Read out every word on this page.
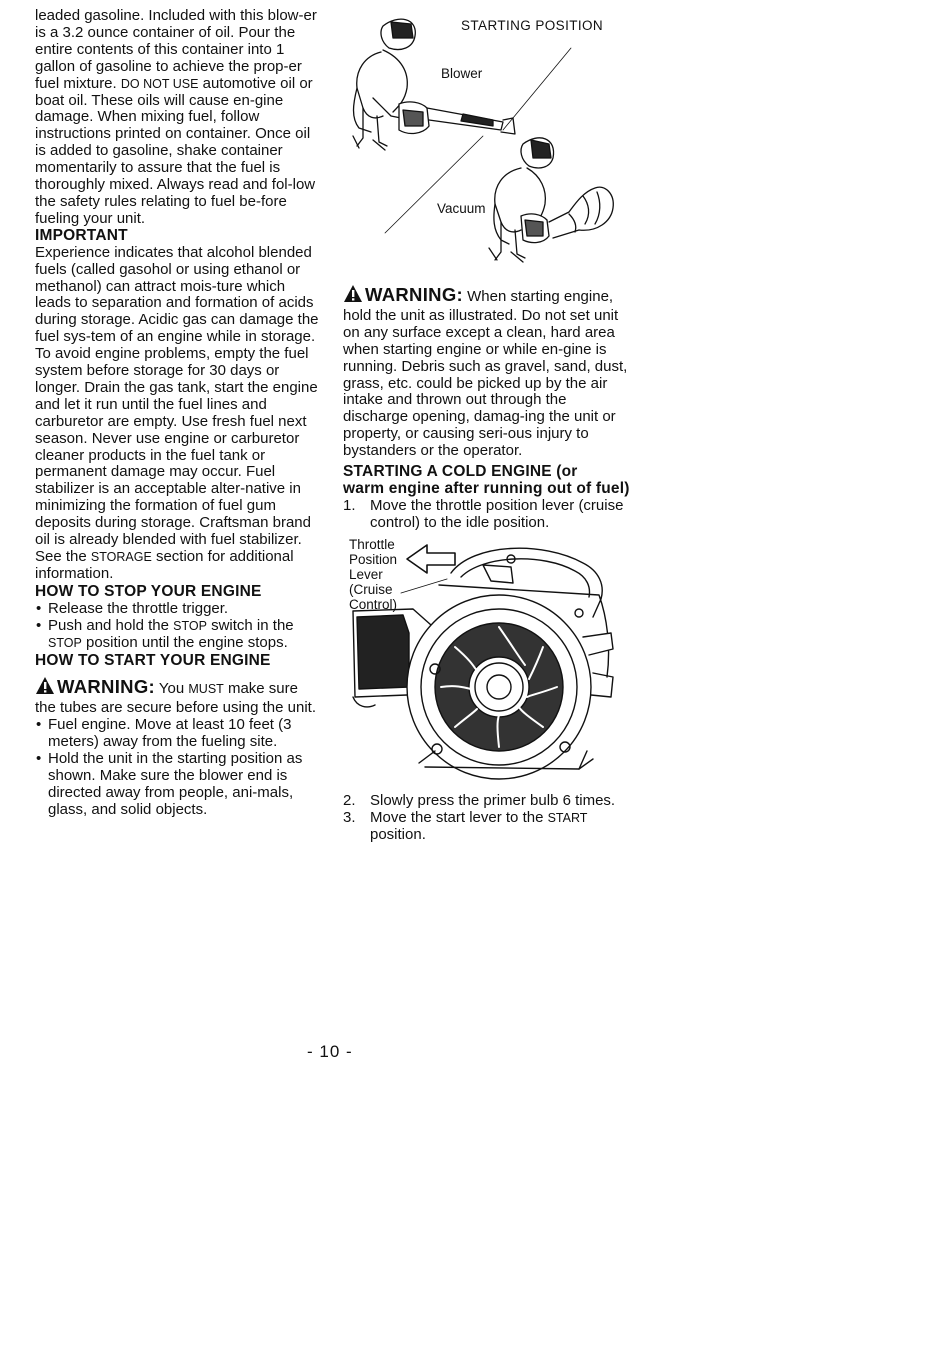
leaded gasoline. Included with this blow-er is a 3.2 ounce container of oil. Pour the entire contents of this container into 1 gallon of gasoline to achieve the prop-er fuel mixture. DO NOT USE automotive oil or boat oil. These oils will cause en-gine damage. When mixing fuel, follow instructions printed on container. Once oil is added to gasoline, shake container momentarily to assure that the fuel is thoroughly mixed. Always read and fol-low the safety rules relating to fuel be-fore fueling your unit.

IMPORTANT

Experience indicates that alcohol blended fuels (called gasohol or using ethanol or methanol) can attract mois-ture which leads to separation and formation of acids during storage. Acidic gas can damage the fuel sys-tem of an engine while in storage.

To avoid engine problems, empty the fuel system before storage for 30 days or longer. Drain the gas tank, start the engine and let it run until the fuel lines and carburetor are empty. Use fresh fuel next season. Never use engine or carburetor cleaner products in the fuel tank or permanent damage may occur. Fuel stabilizer is an acceptable alter-native in minimizing the formation of fuel gum deposits during storage. Craftsman brand oil is already blended with fuel stabilizer. See the STORAGE section for additional information.

HOW TO STOP YOUR ENGINE

• Release the throttle trigger.

• Push and hold the STOP switch in the STOP position until the engine stops.

HOW TO START YOUR ENGINE

WARNING: You MUST make sure the tubes are secure before using the unit.

• Fuel engine. Move at least 10 feet (3 meters) away from the fueling site.

• Hold the unit in the starting position as shown. Make sure the blower end is directed away from people, ani-mals, glass, and solid objects.

STARTING POSITION
Blower
Vacuum

WARNING: When starting engine, hold the unit as illustrated. Do not set unit on any surface except a clean, hard area when starting engine or while en-gine is running. Debris such as gravel, sand, dust, grass, etc. could be picked up by the air intake and thrown out through the discharge opening, damag-ing the unit or property, or causing seri-ous injury to bystanders or the operator.

STARTING A COLD ENGINE (or

warm engine after running out of fuel)

1. Move the throttle position lever (cruise control) to the idle position.

Throttle
Position
Lever
(Cruise
Control)

2. Slowly press the primer bulb 6 times.

3. Move the start lever to the START position.

- 10 -
